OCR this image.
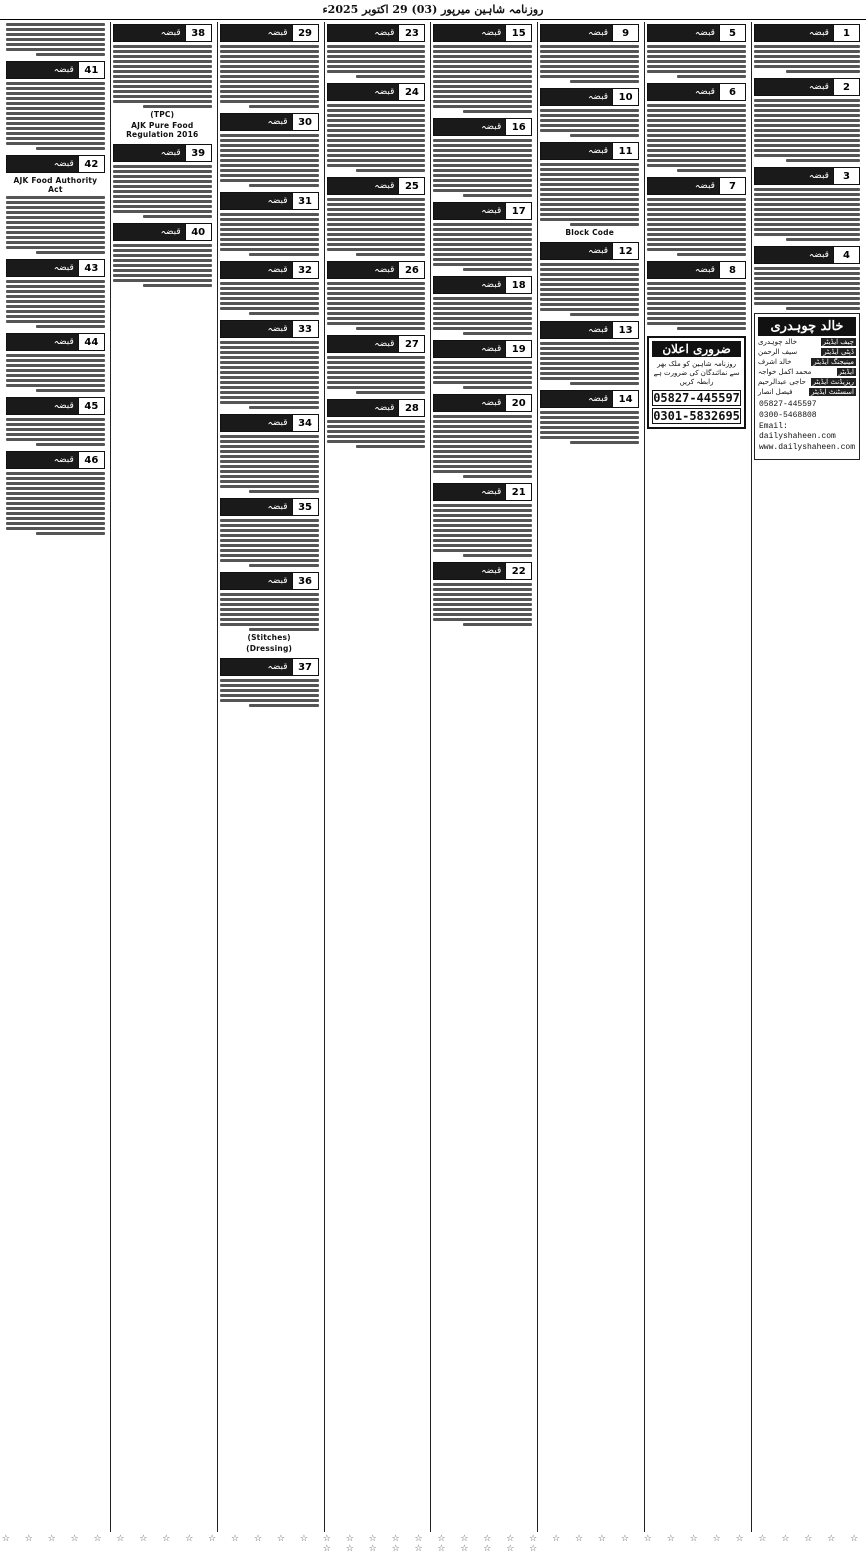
روزنامہ شاہین میرپور (03) 29 اکتوبر 2025ء
1
قبضہ
2
قبضہ
3
قبضہ
4
قبضہ
خالد چوہدری
چیف ایڈیٹر
خالد چوہدری
ڈپٹی ایڈیٹر
سیف الرحمن
مینیجنگ ایڈیٹر
خالد اشرف
ایڈیٹر
محمد اکمل خواجہ
ریزیڈنٹ ایڈیٹر
حاجی عبدالرحیم
اسسٹنٹ ایڈیٹر
فیصل انصار
05827-445597
0300-5468808
Email: dailyshaheen.com
www.dailyshaheen.com
5
قبضہ
6
قبضہ
7
قبضہ
8
قبضہ
ضروری اعلان
روزنامہ شاہین کو ملک بھر سے نمائندگان کی ضرورت ہے رابطہ کریں
05827-445597
0301-5832695
9
قبضہ
10
قبضہ
11
قبضہ
Block Code
12
قبضہ
13
قبضہ
14
قبضہ
15
قبضہ
16
قبضہ
17
قبضہ
18
قبضہ
19
قبضہ
20
قبضہ
21
قبضہ
22
قبضہ
23
قبضہ
24
قبضہ
25
قبضہ
26
قبضہ
27
قبضہ
28
قبضہ
29
قبضہ
30
قبضہ
31
قبضہ
32
قبضہ
33
قبضہ
34
قبضہ
35
قبضہ
36
قبضہ
(Stitches)
(Dressing)
37
قبضہ
38
قبضہ
(TPC)
AJK Pure Food Regulation 2016
39
قبضہ
40
قبضہ
41
قبضہ
42
قبضہ
AJK Food Authority Act
43
قبضہ
44
قبضہ
45
قبضہ
46
قبضہ
☆ ☆ ☆ ☆ ☆ ☆ ☆ ☆ ☆ ☆ ☆ ☆ ☆ ☆ ☆ ☆ ☆ ☆ ☆ ☆ ☆ ☆ ☆ ☆ ☆ ☆ ☆ ☆ ☆ ☆ ☆ ☆ ☆ ☆ ☆ ☆ ☆ ☆ ☆ ☆ ☆ ☆ ☆ ☆ ☆ ☆ ☆ ☆
